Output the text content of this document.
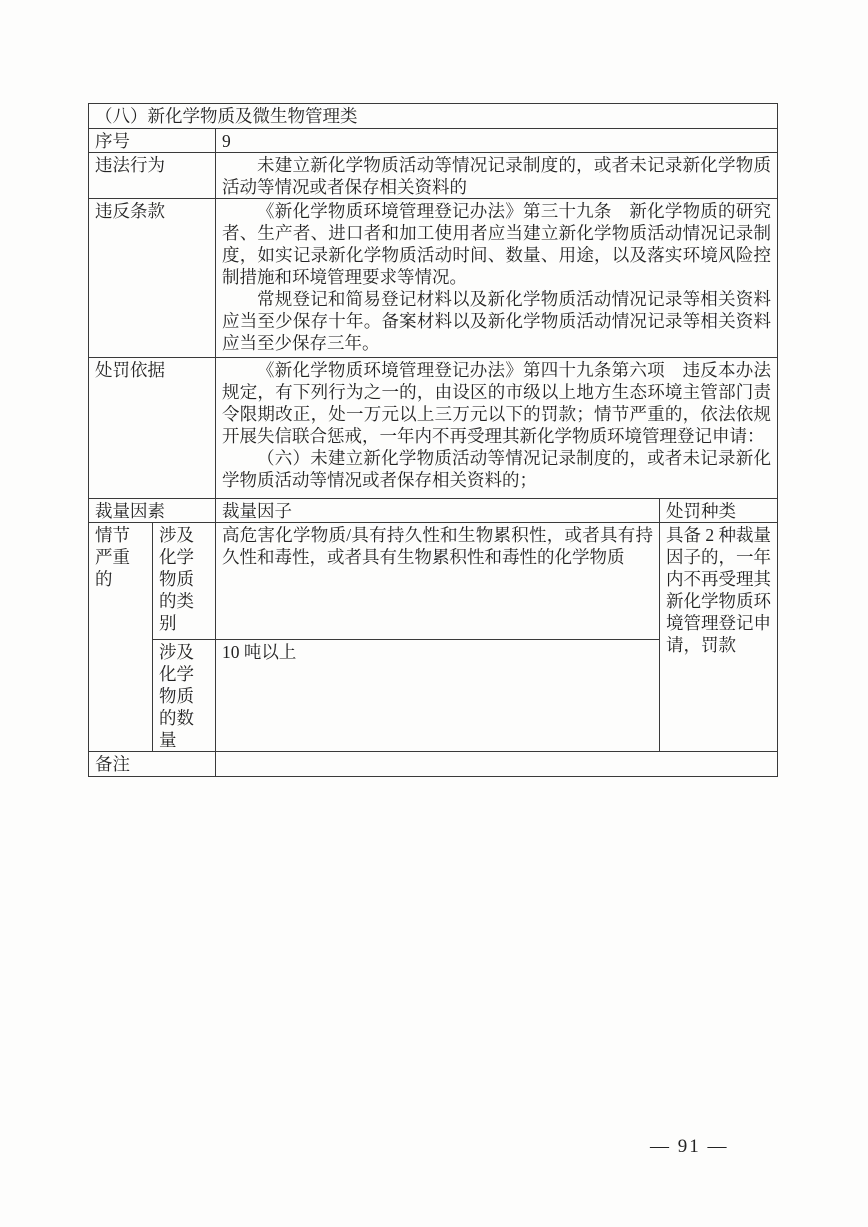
（八）新化学物质及微生物管理类			
序号		9	
违法行为		未建立新化学物质活动等情况记录制度的，或者未记录新化学物质活动等情况或者保存相关资料的	

违反条款		《新化学物质环境管理登记办法》第三十九条　新化学物质的研究者、生产者、进口者和加工使用者应当建立新化学物质活动情况记录制度，如实记录新化学物质活动时间、数量、用途，以及落实环境风险控制措施和环境管理要求等情况。

常规登记和简易登记材料以及新化学物质活动情况记录等相关资料应当至少保存十年。备案材料以及新化学物质活动情况记录等相关资料应当至少保存三年。	

处罚依据		《新化学物质环境管理登记办法》第四十九条第六项　违反本办法规定，有下列行为之一的，由设区的市级以上地方生态环境主管部门责令限期改正，处一万元以上三万元以下的罚款；情节严重的，依法依规开展失信联合惩戒，一年内不再受理其新化学物质环境管理登记申请：

（六）未建立新化学物质活动等情况记录制度的，或者未记录新化学物质活动等情况或者保存相关资料的；	

裁量因素		裁量因子	处罚种类
情节严重的	涉及化学物质的类别	高危害化学物质/具有持久性和生物累积性，或者具有持久性和毒性，或者具有生物累积性和毒性的化学物质	具备 2 种裁量因子的，一年内不再受理其新化学物质环境管理登记申请，罚款

	涉及化学物质的数量	10 吨以上	

备注			
— 91 —
